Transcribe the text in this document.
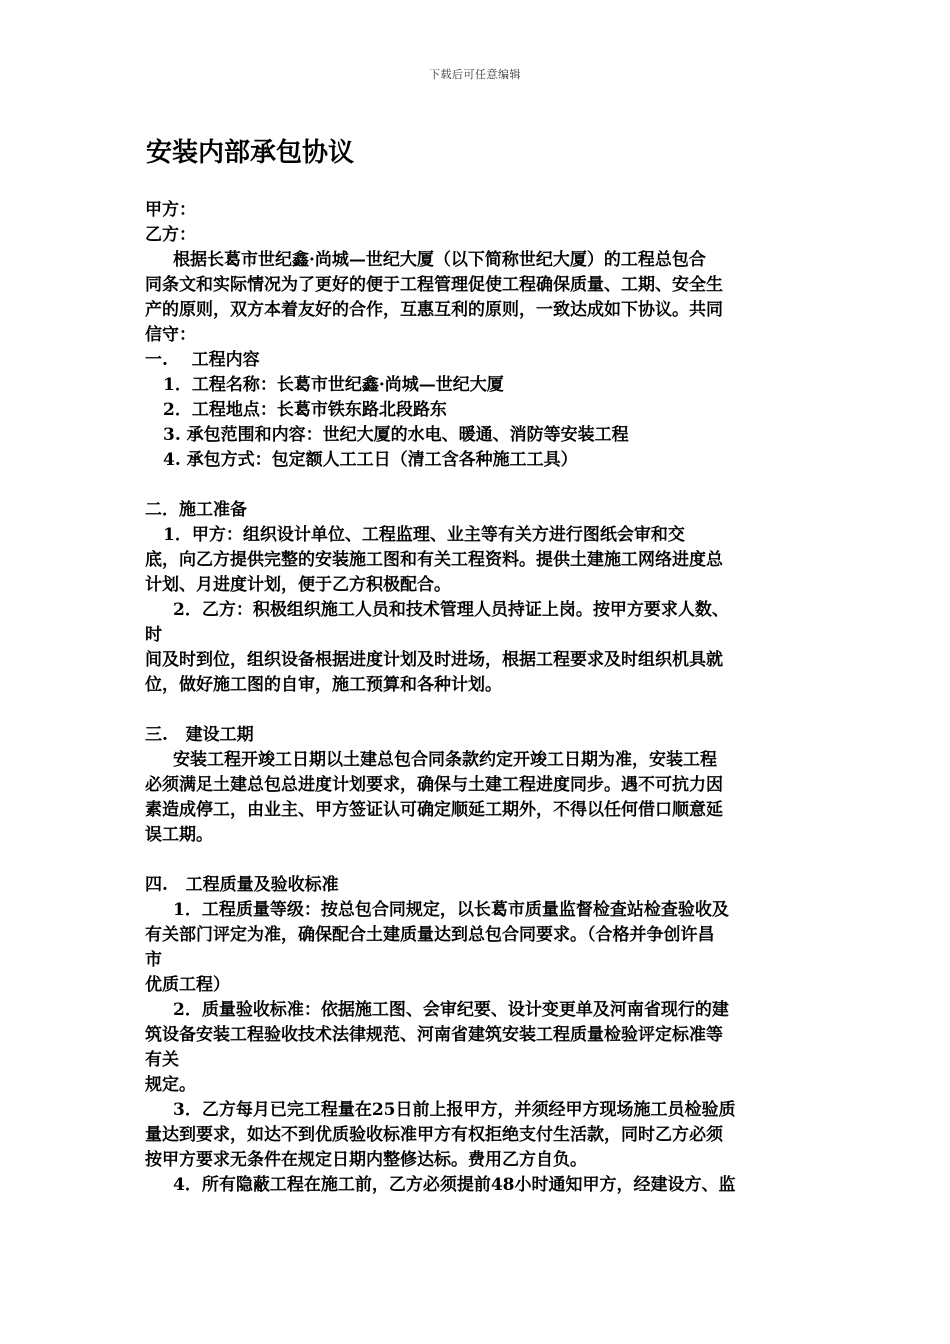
下载后可任意编辑
安装内部承包协议
甲方：
乙方：
根据长葛市世纪鑫·尚城—世纪大厦（以下简称世纪大厦）的工程总包合
同条文和实际情况为了更好的便于工程管理促使工程确保质量、工期、安全生
产的原则，双方本着友好的合作，互惠互利的原则，一致达成如下协议。共同
信守：
一.    工程内容
1．工程名称：长葛市世纪鑫·尚城—世纪大厦
2．工程地点：长葛市铁东路北段路东
3. 承包范围和内容：世纪大厦的水电、暖通、消防等安装工程
4. 承包方式：包定额人工工日（清工含各种施工工具）
二．施工准备
1．甲方：组织设计单位、工程监理、业主等有关方进行图纸会审和交
底，向乙方提供完整的安装施工图和有关工程资料。提供土建施工网络进度总
计划、月进度计划，便于乙方积极配合。
2．乙方：积极组织施工人员和技术管理人员持证上岗。按甲方要求人数、
时
间及时到位，组织设备根据进度计划及时进场，根据工程要求及时组织机具就
位，做好施工图的自审，施工预算和各种计划。
三.   建设工期
安装工程开竣工日期以土建总包合同条款约定开竣工日期为准，安装工程
必须满足土建总包总进度计划要求，确保与土建工程进度同步。遇不可抗力因
素造成停工，由业主、甲方签证认可确定顺延工期外，不得以任何借口顺意延
误工期。
四.   工程质量及验收标准
1．工程质量等级：按总包合同规定，以长葛市质量监督检查站检查验收及
有关部门评定为准，确保配合土建质量达到总包合同要求。（合格并争创许昌
市
优质工程）
2．质量验收标准：依据施工图、会审纪要、设计变更单及河南省现行的建
筑设备安装工程验收技术法律规范、河南省建筑安装工程质量检验评定标准等
有关
规定。
3．乙方每月已完工程量在25日前上报甲方，并须经甲方现场施工员检验质
量达到要求，如达不到优质验收标准甲方有权拒绝支付生活款，同时乙方必须
按甲方要求无条件在规定日期内整修达标。费用乙方自负。
4．所有隐蔽工程在施工前，乙方必须提前48小时通知甲方，经建设方、监
